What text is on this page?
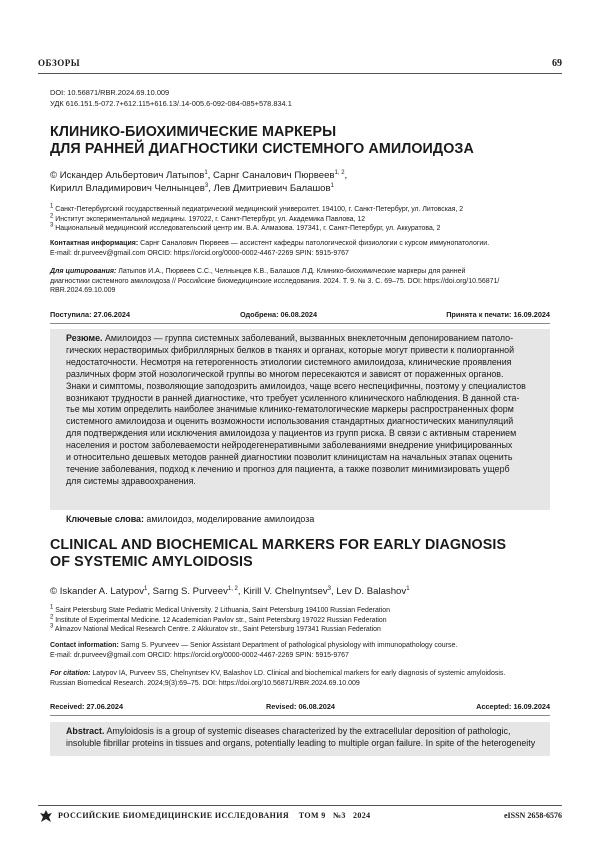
ОБЗОРЫ	69
DOI: 10.56871/RBR.2024.69.10.009
УДК 616.151.5-072.7+612.115+616.13/.14-005.6-092-084-085+578.834.1
КЛИНИКО-БИОХИМИЧЕСКИЕ МАРКЕРЫ
ДЛЯ РАННЕЙ ДИАГНОСТИКИ СИСТЕМНОГО АМИЛОИДОЗА
© Искандер Альбертович Латыпов$^1$, Сарнг Саналович Пюрвеев$^{1, 2}$,
Кирилл Владимирович Челнынцев$^3$, Лев Дмитриевич Балашов$^1$
$^1$ Санкт-Петербургский государственный педиатрический медицинский университет. 194100, г. Санкт-Петербург, ул. Литовская, 2
$^2$ Институт экспериментальной медицины. 197022, г. Санкт-Петербург, ул. Академика Павлова, 12
$^3$ Национальный медицинский исследовательский центр им. В.А. Алмазова. 197341, г. Санкт-Петербург, ул. Аккуратова, 2
Контактная информация: Сарнг Саналович Пюрвеев — ассистент кафедры патологической физиологии с курсом иммунопатологии.
E-mail: dr.purveev@gmail.com ORCID: https://orcid.org/0000-0002-4467-2269 SPIN: 5915-9767
Для цитирования: Латыпов И.А., Пюрвеев С.С., Челнынцев К.В., Балашов Л.Д. Клинико-биохимические маркеры для ранней
диагностики системного амилоидоза // Российские биомедицинские исследования. 2024. Т. 9. № 3. С. 69–75. DOI: https://doi.org/10.56871/
RBR.2024.69.10.009
Поступила: 27.06.2024	Одобрена: 06.08.2024	Принята к печати: 16.09.2024
Резюме. Амилоидоз — группа системных заболеваний, вызванных внеклеточным депонированием патоло-
гических нерастворимых фибриллярных белков в тканях и органах, которые могут привести к полиорганной
недостаточности. Несмотря на гетерогенность этиологии системного амилоидоза, клинические проявления
различных форм этой нозологической группы во многом пересекаются и зависят от пораженных органов.
Знаки и симптомы, позволяющие заподозрить амилоидоз, чаще всего неспецифичны, поэтому у специалистов
возникают трудности в ранней диагностике, что требует усиленного клинического наблюдения. В данной ста-
тье мы хотим определить наиболее значимые клинико-гематологические маркеры распространенных форм
системного амилоидоза и оценить возможности использования стандартных диагностических манипуляций
для подтверждения или исключения амилоидоза у пациентов из групп риска. В связи с активным старением
населения и ростом заболеваемости нейродегенеративными заболеваниями внедрение унифицированных
и относительно дешевых методов ранней диагностики позволит клиницистам на начальных этапах оценить
течение заболевания, подход к лечению и прогноз для пациента, а также позволит минимизировать ущерб
для системы здравоохранения.
Ключевые слова: амилоидоз, моделирование амилоидоза
CLINICAL AND BIOCHEMICAL MARKERS FOR EARLY DIAGNOSIS
OF SYSTEMIC AMYLOIDOSIS
© Iskander A. Latypov$^1$, Sarng S. Purveev$^{1, 2}$, Kirill V. Chelnyntsev$^3$, Lev D. Balashov$^1$
$^1$ Saint Petersburg State Pediatric Medical University. 2 Lithuania, Saint Petersburg 194100 Russian Federation
$^2$ Institute of Experimental Medicine. 12 Academician Pavlov str., Saint Petersburg 197022 Russian Federation
$^3$ Almazov National Medical Research Centre. 2 Akkuratov str., Saint Petersburg 197341 Russian Federation
Contact information: Sarng S. Pyurveev — Senior Assistant Department of pathological physiology with immunopathology course.
E-mail: dr.purveev@gmail.com ORCID: https://orcid.org/0000-0002-4467-2269 SPIN: 5915-9767
For citation: Latypov IA, Purveev SS, Chelnyntsev KV, Balashov LD. Clinical and biochemical markers for early diagnosis of systemic amyloidosis.
Russian Biomedical Research. 2024;9(3):69–75. DOI: https://doi.org/10.56871/RBR.2024.69.10.009
Received: 27.06.2024	Revised: 06.08.2024	Accepted: 16.09.2024
Abstract. Amyloidosis is a group of systemic diseases characterized by the extracellular deposition of pathologic,
insoluble fibrillar proteins in tissues and organs, potentially leading to multiple organ failure. In spite of the heterogeneity
РОССИЙСКИЕ БИОМЕДИЦИНСКИЕ ИССЛЕДОВАНИЯ ТОМ 9 №3 2024	eISSN 2658-6576
